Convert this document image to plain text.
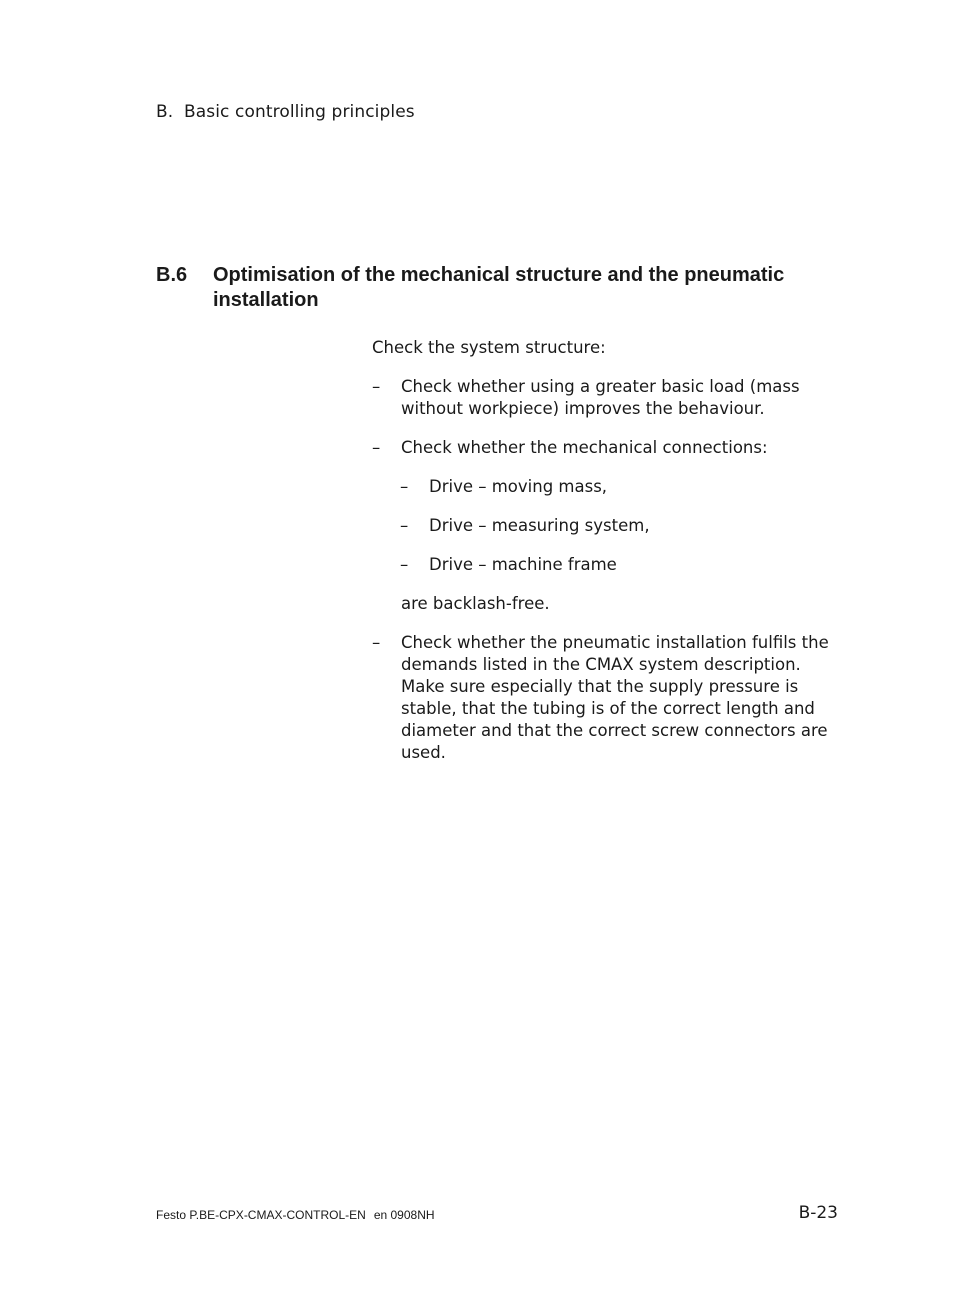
B. Basic controlling principles
B.6 Optimisation of the mechanical structure and the pneumatic installation

Check the system structure:

– Check whether using a greater basic load (mass without workpiece) improves the behaviour.
– Check whether the mechanical connections:
– Drive – moving mass,
– Drive – measuring system,
– Drive – machine frame

are backlash-free.

– Check whether the pneumatic installation fulfils the demands listed in the CMAX system description. Make sure especially that the supply pressure is stable, that the tubing is of the correct length and diameter and that the correct screw connectors are used.
Festo P.BE-CPX-CMAX-CONTROL-EN en 0908NH	B-23
